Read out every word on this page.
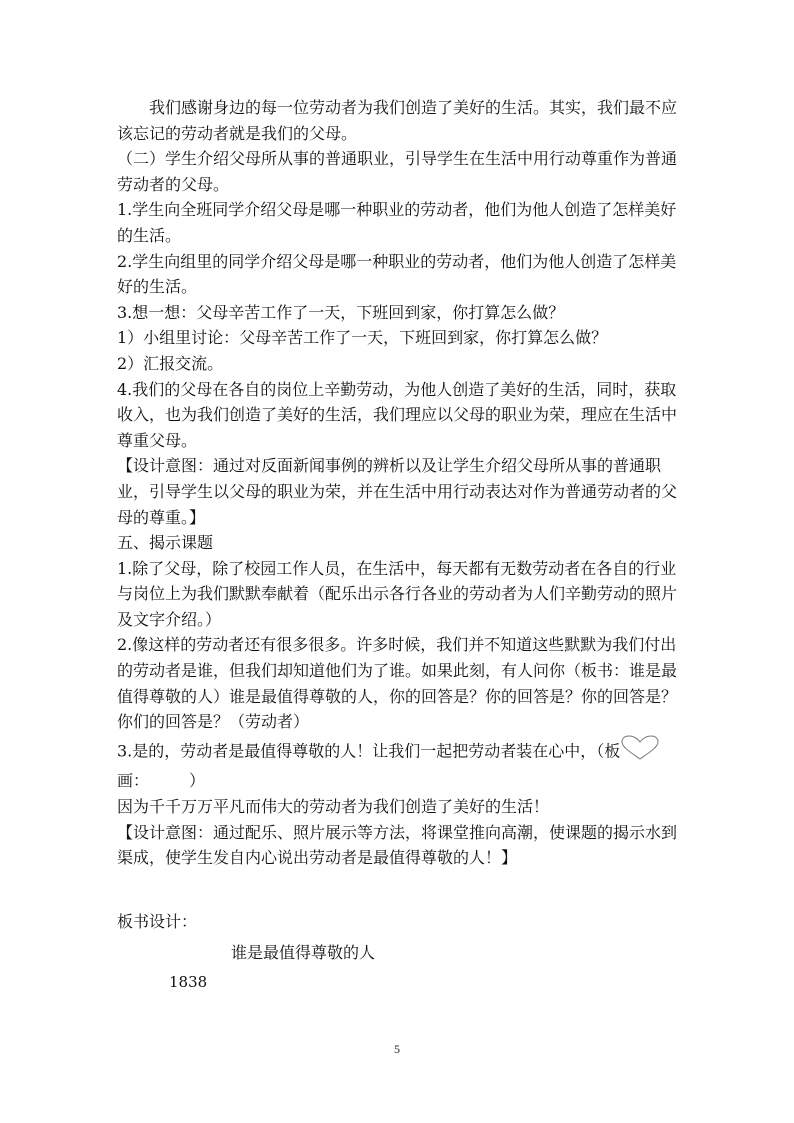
我们感谢身边的每一位劳动者为我们创造了美好的生活。其实，我们最不应该忘记的劳动者就是我们的父母。

（二）学生介绍父母所从事的普通职业，引导学生在生活中用行动尊重作为普通劳动者的父母。

1.学生向全班同学介绍父母是哪一种职业的劳动者，他们为他人创造了怎样美好的生活。

2.学生向组里的同学介绍父母是哪一种职业的劳动者，他们为他人创造了怎样美好的生活。

3.想一想：父母辛苦工作了一天，下班回到家，你打算怎么做？

1）小组里讨论：父母辛苦工作了一天，下班回到家，你打算怎么做？

2）汇报交流。

4.我们的父母在各自的岗位上辛勤劳动，为他人创造了美好的生活，同时，获取收入，也为我们创造了美好的生活，我们理应以父母的职业为荣，理应在生活中尊重父母。

【设计意图：通过对反面新闻事例的辨析以及让学生介绍父母所从事的普通职业，引导学生以父母的职业为荣，并在生活中用行动表达对作为普通劳动者的父母的尊重。】

五、揭示课题

1.除了父母，除了校园工作人员，在生活中，每天都有无数劳动者在各自的行业与岗位上为我们默默奉献着（配乐出示各行各业的劳动者为人们辛勤劳动的照片及文字介绍。）

2.像这样的劳动者还有很多很多。许多时候，我们并不知道这些默默为我们付出的劳动者是谁，但我们却知道他们为了谁。如果此刻，有人问你（板书：谁是最值得尊敬的人）谁是最值得尊敬的人，你的回答是？你的回答是？你的回答是？你们的回答是？（劳动者）

3.是的，劳动者是最值得尊敬的人！让我们一起把劳动者装在心中，（板
画：　　　）

因为千千万万平凡而伟大的劳动者为我们创造了美好的生活！

【设计意图：通过配乐、照片展示等方法，将课堂推向高潮，使课题的揭示水到渠成，使学生发自内心说出劳动者是最值得尊敬的人！】

板书设计：

谁是最值得尊敬的人

1838

5
